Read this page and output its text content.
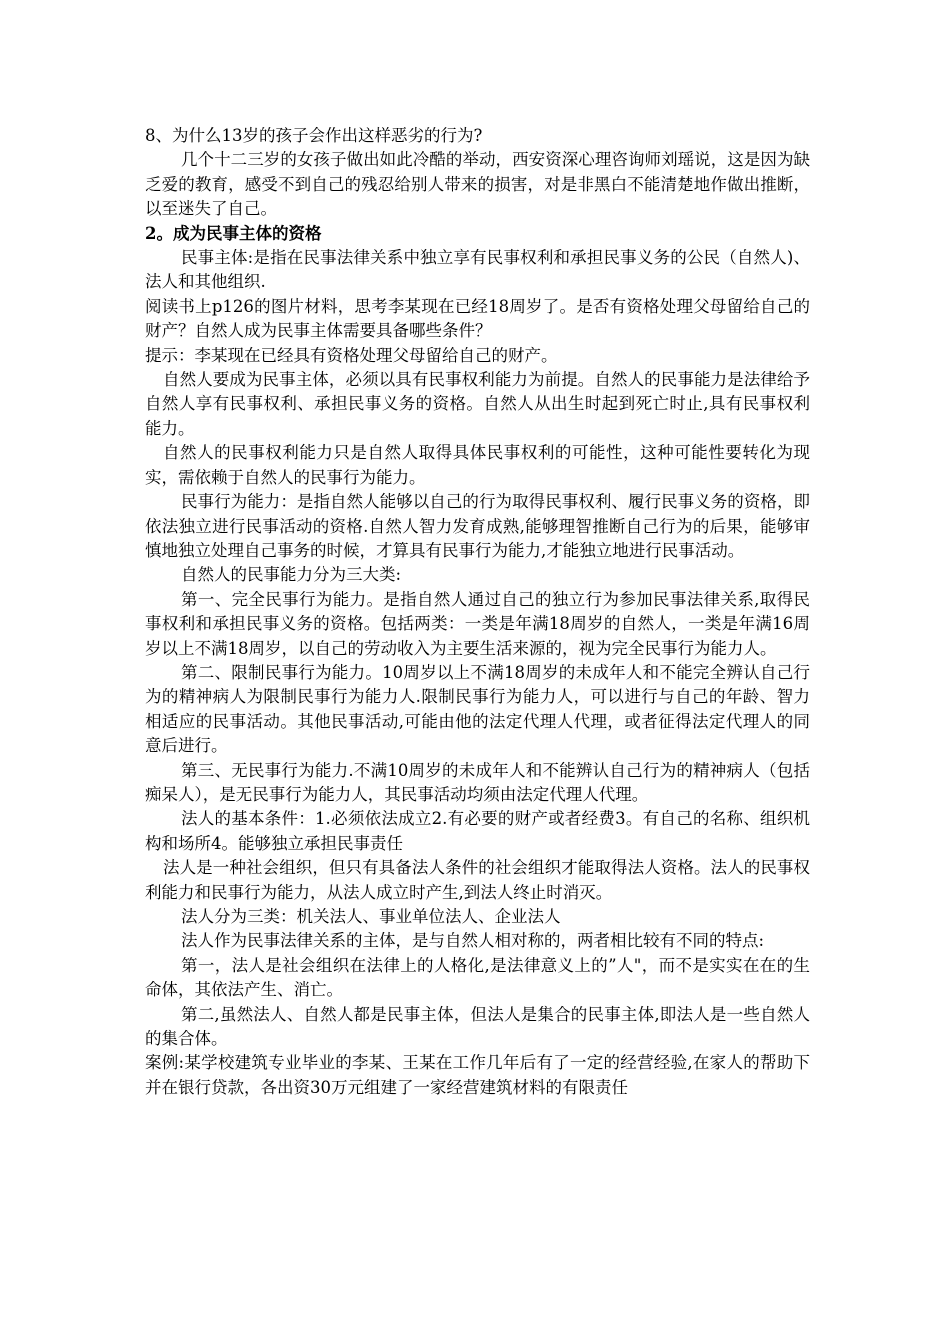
8、为什么13岁的孩子会作出这样恶劣的行为?

几个十二三岁的女孩子做出如此冷酷的举动，西安资深心理咨询师刘瑶说，这是因为缺乏爱的教育，感受不到自己的残忍给别人带来的损害，对是非黑白不能清楚地作做出推断，以至迷失了自己。

2。成为民事主体的资格

民事主体:是指在民事法律关系中独立享有民事权利和承担民事义务的公民（自然人)、法人和其他组织.

阅读书上p126的图片材料，思考李某现在已经18周岁了。是否有资格处理父母留给自己的财产？自然人成为民事主体需要具备哪些条件？

提示：李某现在已经具有资格处理父母留给自己的财产。

自然人要成为民事主体，必须以具有民事权利能力为前提。自然人的民事能力是法律给予自然人享有民事权利、承担民事义务的资格。自然人从出生时起到死亡时止,具有民事权利能力。

自然人的民事权利能力只是自然人取得具体民事权利的可能性，这种可能性要转化为现实，需依赖于自然人的民事行为能力。

民事行为能力：是指自然人能够以自己的行为取得民事权利、履行民事义务的资格，即依法独立进行民事活动的资格.自然人智力发育成熟,能够理智推断自己行为的后果，能够审慎地独立处理自己事务的时候，才算具有民事行为能力,才能独立地进行民事活动。

自然人的民事能力分为三大类:

第一、完全民事行为能力。是指自然人通过自己的独立行为参加民事法律关系,取得民事权利和承担民事义务的资格。包括两类：一类是年满18周岁的自然人，一类是年满16周岁以上不满18周岁，以自己的劳动收入为主要生活来源的，视为完全民事行为能力人。

第二、限制民事行为能力。10周岁以上不满18周岁的未成年人和不能完全辨认自己行为的精神病人为限制民事行为能力人.限制民事行为能力人，可以进行与自己的年龄、智力相适应的民事活动。其他民事活动,可能由他的法定代理人代理，或者征得法定代理人的同意后进行。

第三、无民事行为能力.不满10周岁的未成年人和不能辨认自己行为的精神病人（包括痴呆人），是无民事行为能力人，其民事活动均须由法定代理人代理。

法人的基本条件：1.必须依法成立2.有必要的财产或者经费3。有自己的名称、组织机构和场所4。能够独立承担民事责任

法人是一种社会组织，但只有具备法人条件的社会组织才能取得法人资格。法人的民事权利能力和民事行为能力，从法人成立时产生,到法人终止时消灭。

法人分为三类：机关法人、事业单位法人、企业法人

法人作为民事法律关系的主体，是与自然人相对称的，两者相比较有不同的特点:

第一，法人是社会组织在法律上的人格化,是法律意义上的”人"，而不是实实在在的生命体，其依法产生、消亡。

第二,虽然法人、自然人都是民事主体，但法人是集合的民事主体,即法人是一些自然人的集合体。

案例:某学校建筑专业毕业的李某、王某在工作几年后有了一定的经营经验,在家人的帮助下并在银行贷款，各出资30万元组建了一家经营建筑材料的有限责任
